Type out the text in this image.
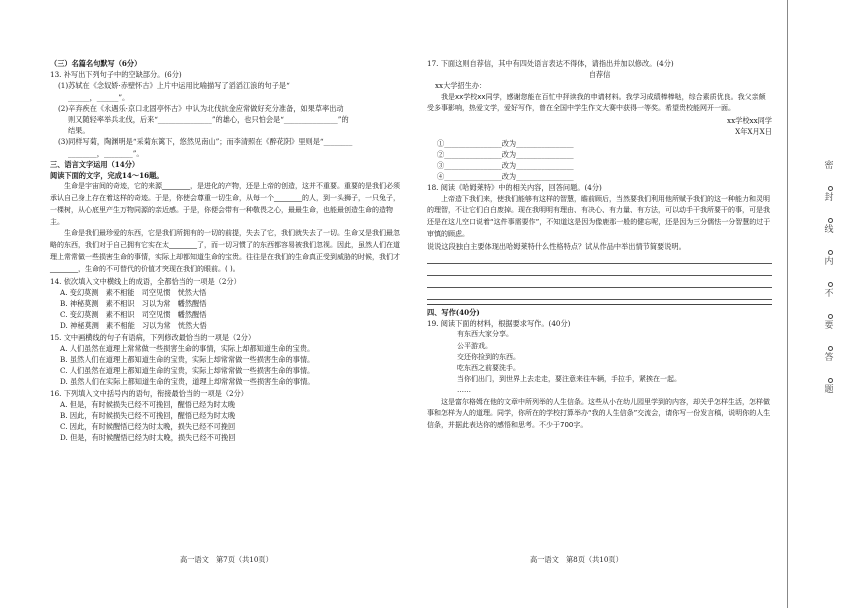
（三）名篇名句默写（6分）
13. 补写出下列句子中的空缺部分。(6分)
(1)苏轼在《念奴娇·赤壁怀古》上片中运用比喻描写了滔滔江浪的句子是“
______，______”。
(2)辛弃疾在《永遇乐·京口北固亭怀古》中认为北伐抗金应常做好充分准备，如果草率出动
则又随轻率举兵北伐，后来“_______________”的雄心，也只怕会是“_______________”的
结果。
(3)同样写菊，陶渊明是“采菊东篱下，悠然见南山”；而李清照在《醉花阴》里则是“________
________，________”。
三、语言文字运用（14分）
阅读下面的文字，完成14～16题。
生命是宇宙间的奇迹，它的来源________，是进化的产物，还是上帝的创造，这并不重要。重要的是我们必须承认自己身上存在着这样的奇迹。于是，你使会尊重一切生命，从每一个________的人，到一头狮子，一只兔子，一棵树，从心底里产生万物同源的亲近感。于是，你便会带有一种敬畏之心，最最生命，也能最创造生命的造物主。
生命是我们最珍爱的东西，它是我们所拥有的一切的前提，失去了它，我们就失去了一切。生命又是我们最忽略的东西，我们对于自己拥有它实在太________了，而一切习惯了的东西都容易被我们忽视。因此，虽然人们在道理上常常做一些损害生命的事情，实际上却都知道生命的宝贵。往往是在我们的生命真正受到威胁的时候，我们才________，生命的不可替代的价值才突现在我们的眼前。( )。
14. 依次填入文中横线上的成语，全都恰当的一项是（2分）
A. 变幻莫测　素不相能　司空见惯　恍然大悟
B. 神秘莫测　素不相识　习以为常　幡然醒悟
C. 变幻莫测　素不相识　司空见惯　幡然醒悟
D. 神秘莫测　素不相能　习以为常　恍然大悟
15. 文中画横线的句子有语病，下列修改最恰当的一项是（2分）
A. 人们虽然在道理上常常做一些损害生命的事情，实际上却都知道生命的宝贵。
B. 虽然人们在道理上都知道生命的宝贵，实际上却常常做一些损害生命的事情。
C. 人们虽然在道理上都知道生命的宝贵，实际上却常常做一些损害生命的事情。
D. 虽然人们在实际上都知道生命的宝贵，道理上却常常做一些损害生命的事情。
16. 下列填入文中括号内的语句，衔接最恰当的一项是（2分）
A. 但是，有时候损失已经不可挽回，醒悟已经为时太晚
B. 因此，有时候损失已经不可挽回，醒悟已经为时太晚
C. 因此，有时候醒悟已经为时太晚，损失已经不可挽回
D. 但是，有时候醒悟已经为时太晚，损失已经不可挽回
高一语文　第7页（共10页）
17. 下面这则自荐信，其中有四处语言表达不得体，请指出并加以修改。(4分)
自荐信
xx大学招生办：
我是xx学校xx同学，感谢您能在百忙中抨读我的申请材料。我学习成绩棒棒哒，综合素质优良。我父亲颇受多事影响，热爱文学，爱好写作，曾在全国中学生作文大赛中获得一等奖。希望贵校能网开一面。
xx学校xx同学
X年X月X日
①________________改为________________
②________________改为________________
③________________改为________________
④________________改为________________
18. 阅读《哈姆莱特》中的相关内容，回答问题。(4分)
上帝造下我们来，使我们能够有这样的智慧，瞻前顾后，当然要我们利用他所赋予我们的这一种能力和灵明的理智，不让它们白白废掉。现在我明明有理由、有决心、有力量、有方法，可以动手干我所要干的事，可是我还是在这儿空口说着“这件事需要作”，不知道这是因为像鹿那一般的健忘呢，还是因为三分儒怯一分智慧的过于审慎的顾虑。
说说这段独白主要体现出哈姆莱特什么性格特点？试从作品中举出情节简要说明。
四、写作(40分)
19. 阅读下面的材料，根据要求写作。(40分)
有东西大家分享。
公平游戏。
交还你捡到的东西。
吃东西之前要洗手。
当你们出门，到世界上去走走，要注意来往车辆，手拉手，紧挨在一起。
……
这是富尔格姆在他的文章中所列举的人生信条。这些从小在幼儿园里学到的内容，却关乎怎样生活，怎样做事和怎样为人的道理。同学，你所在的学校打算举办“我的人生信条”交流会，请你写一份发言稿，说明你的人生信条，并据此表达你的感悟和思考。不少于700字。
高一语文　第8页（共10页）
密封线内不要答题
